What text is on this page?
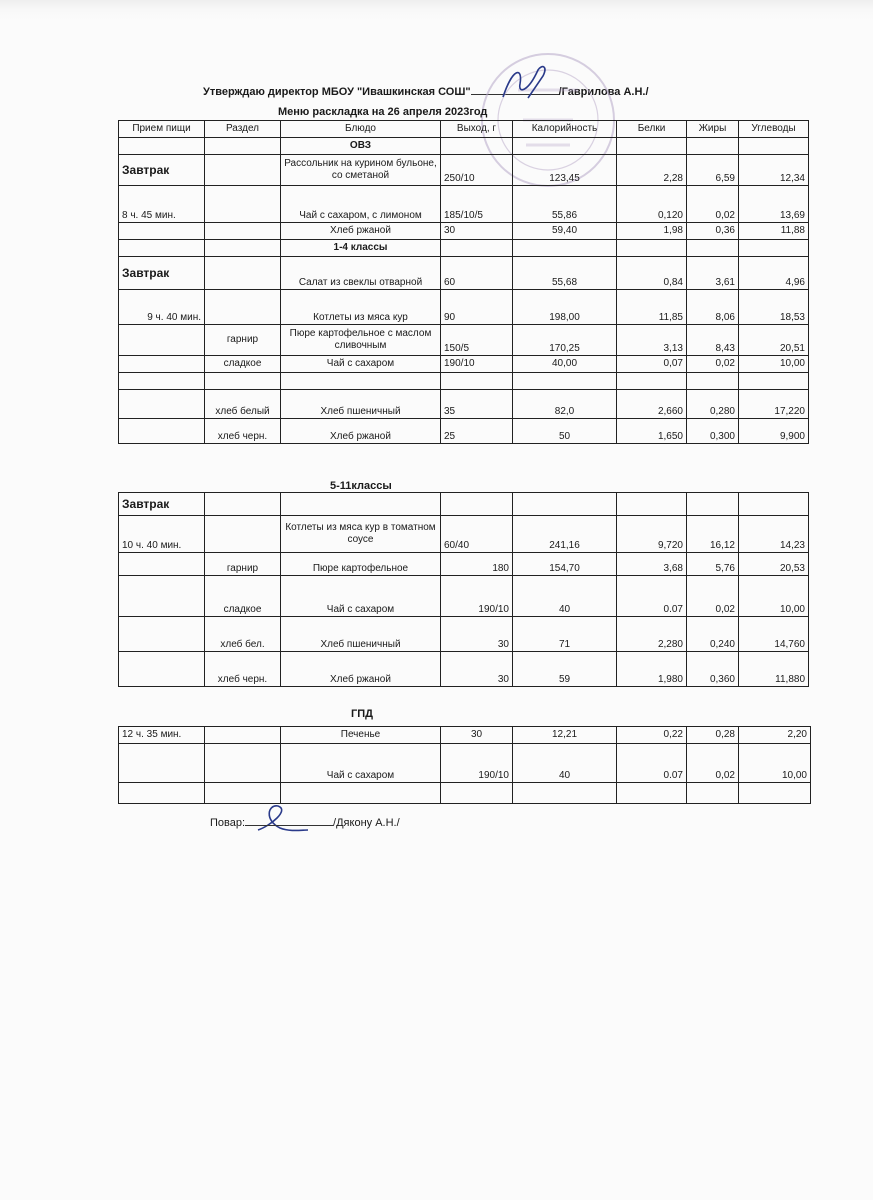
Утверждаю директор МБОУ "Ивашкинская СОШ"	/Гаврилова А.Н./
Меню раскладка на 26 апреля 2023год
Прием пищи	Раздел	Блюдо	Выход, г	Калорийность	Белки	Жиры	Углеводы
		ОВЗ					
Завтрак		Рассольник на курином бульоне, со сметаной	250/10	123,45	2,28	6,59	12,34
8 ч. 45 мин.		Чай с сахаром, с лимоном	185/10/5	55,86	0,120	0,02	13,69
		Хлеб ржаной	30	59,40	1,98	0,36	11,88
		1-4 классы					
Завтрак		Салат из свеклы отварной	60	55,68	0,84	3,61	4,96
9 ч. 40 мин.		Котлеты из мяса кур	90	198,00	11,85	8,06	18,53
	гарнир	Пюре картофельное с маслом сливочным	150/5	170,25	3,13	8,43	20,51
	сладкое	Чай с сахаром	190/10	40,00	0,07	0,02	10,00

	хлеб белый	Хлеб пшеничный	35	82,0	2,660	0,280	17,220
	хлеб черн.	Хлеб ржаной	25	50	1,650	0,300	9,900
5-11классы
Завтрак							
10 ч. 40 мин.		Котлеты из мяса кур в томатном соусе	60/40	241,16	9,720	16,12	14,23
	гарнир	Пюре картофельное	180	154,70	3,68	5,76	20,53
	сладкое	Чай с сахаром	190/10	40	0.07	0,02	10,00
	хлеб бел.	Хлеб пшеничный	30	71	2,280	0,240	14,760
	хлеб черн.	Хлеб ржаной	30	59	1,980	0,360	11,880
ГПД
12 ч. 35 мин.		Печенье	30	12,21	0,22	0,28	2,20
		Чай с сахаром	190/10	40	0.07	0,02	10,00

Повар:	/Дякону А.Н./
